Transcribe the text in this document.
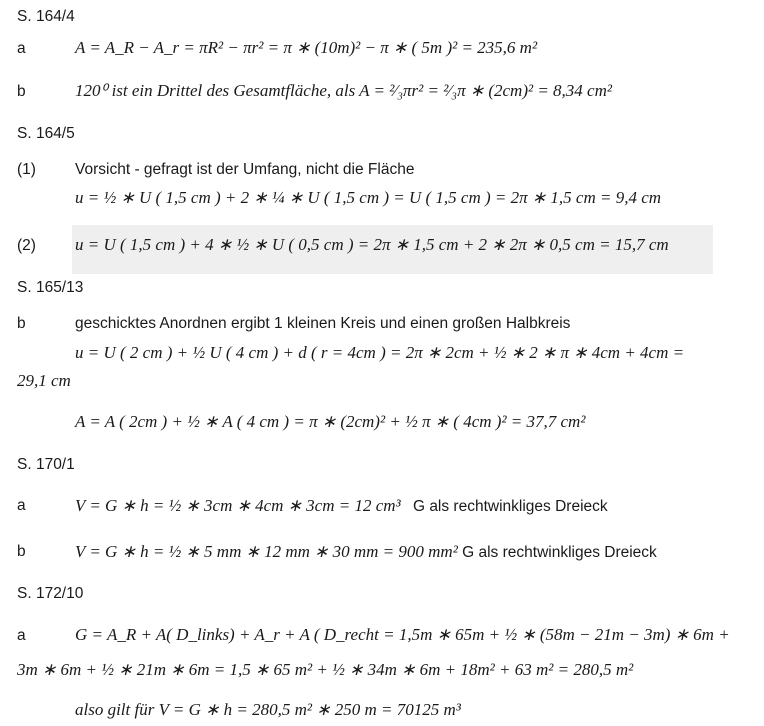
S. 164/4
a	A = A_R − A_r = πR² − πr² = π ∗ (10m)² − π ∗ ( 5m )² = 235,6 m²
b	120⁰ ist ein Drittel des Gesamtfläche, als A = ²⁄₃πr² = ²⁄₃π ∗ (2cm)² = 8,34 cm²
S. 164/5
(1)	Vorsicht - gefragt ist der Umfang, nicht die Fläche
u = ½ ∗ U ( 1,5 cm ) + 2 ∗ ¼ ∗ U ( 1,5 cm ) = U ( 1,5 cm ) = 2π ∗ 1,5 cm = 9,4 cm
(2) u = U ( 1,5 cm ) + 4 ∗ ½ ∗ U ( 0,5 cm ) = 2π ∗ 1,5 cm + 2 ∗ 2π ∗ 0,5 cm = 15,7 cm
S. 165/13
b	geschicktes Anordnen ergibt 1 kleinen Kreis und einen großen Halbkreis
u = U ( 2 cm ) + ½ U ( 4 cm ) + d ( r = 4cm ) = 2π ∗ 2cm + ½ ∗ 2 ∗ π ∗ 4cm + 4cm =
29,1 cm
A = A ( 2cm ) + ½ ∗ A ( 4 cm ) = π ∗ (2cm)² + ½ π ∗ ( 4cm )² = 37,7 cm²
S. 170/1
a	V = G ∗ h = ½ ∗ 3cm ∗ 4cm ∗ 3cm = 12 cm³ G als rechtwinkliges Dreieck
b	V = G ∗ h = ½ ∗ 5 mm ∗ 12 mm ∗ 30 mm = 900 mm² G als rechtwinkliges Dreieck
S. 172/10
a	G = A_R + A( D_links) + A_r + A ( D_recht = 1,5m ∗ 65m + ½ ∗ (58m − 21m − 3m) ∗ 6m +
3m ∗ 6m + ½ ∗ 21m ∗ 6m = 1,5 ∗ 65 m² + ½ ∗ 34m ∗ 6m + 18m² + 63 m² = 280,5 m²
also gilt für V = G ∗ h = 280,5 m² ∗ 250 m = 70125 m³
